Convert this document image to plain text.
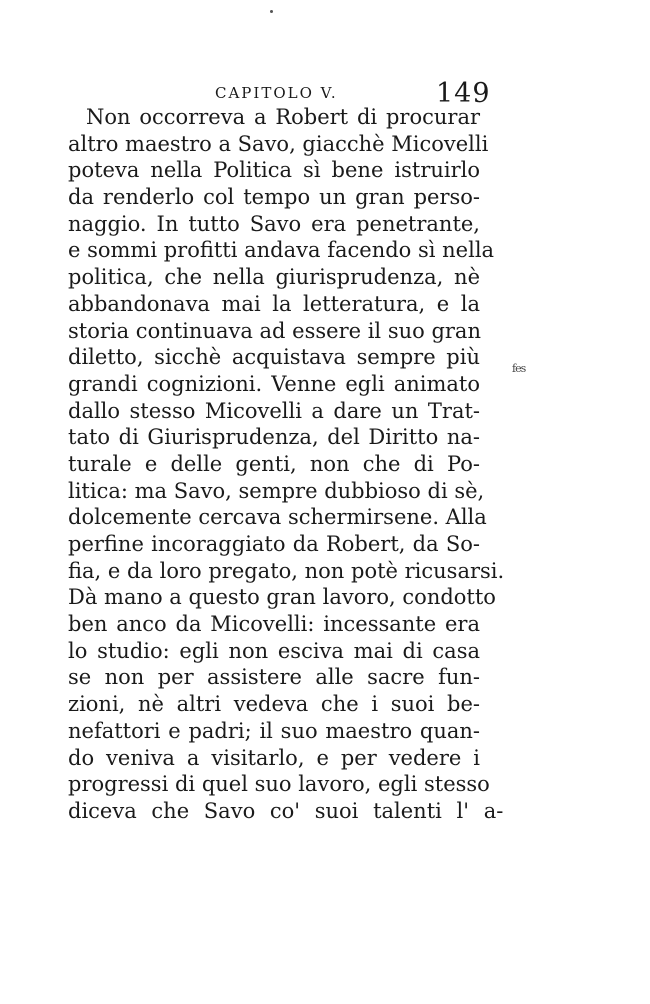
CAPITOLO V.	149
Non occorreva a Robert di procurar
altro maestro a Savo, giacchè Micovelli
poteva nella Politica sì bene istruirlo
da renderlo col tempo un gran perso-
naggio. In tutto Savo era penetrante,
e sommi profitti andava facendo sì nella
politica, che nella giurisprudenza, nè
abbandonava mai la letteratura, e la
storia continuava ad essere il suo gran
diletto, sicchè acquistava sempre più
grandi cognizioni. Venne egli animato
dallo stesso Micovelli a dare un Trat-
tato di Giurisprudenza, del Diritto na-
turale e delle genti, non che di Po-
litica: ma Savo, sempre dubbioso di sè,
dolcemente cercava schermirsene. Alla
perfine incoraggiato da Robert, da So-
fia, e da loro pregato, non potè ricusarsi.
Dà mano a questo gran lavoro, condotto
ben anco da Micovelli: incessante era
lo studio: egli non esciva mai di casa
se non per assistere alle sacre fun-
zioni, nè altri vedeva che i suoi be-
nefattori e padri; il suo maestro quan-
do veniva a visitarlo, e per vedere i
progressi di quel suo lavoro, egli stesso
diceva che Savo co' suoi talenti l' a-
fes
